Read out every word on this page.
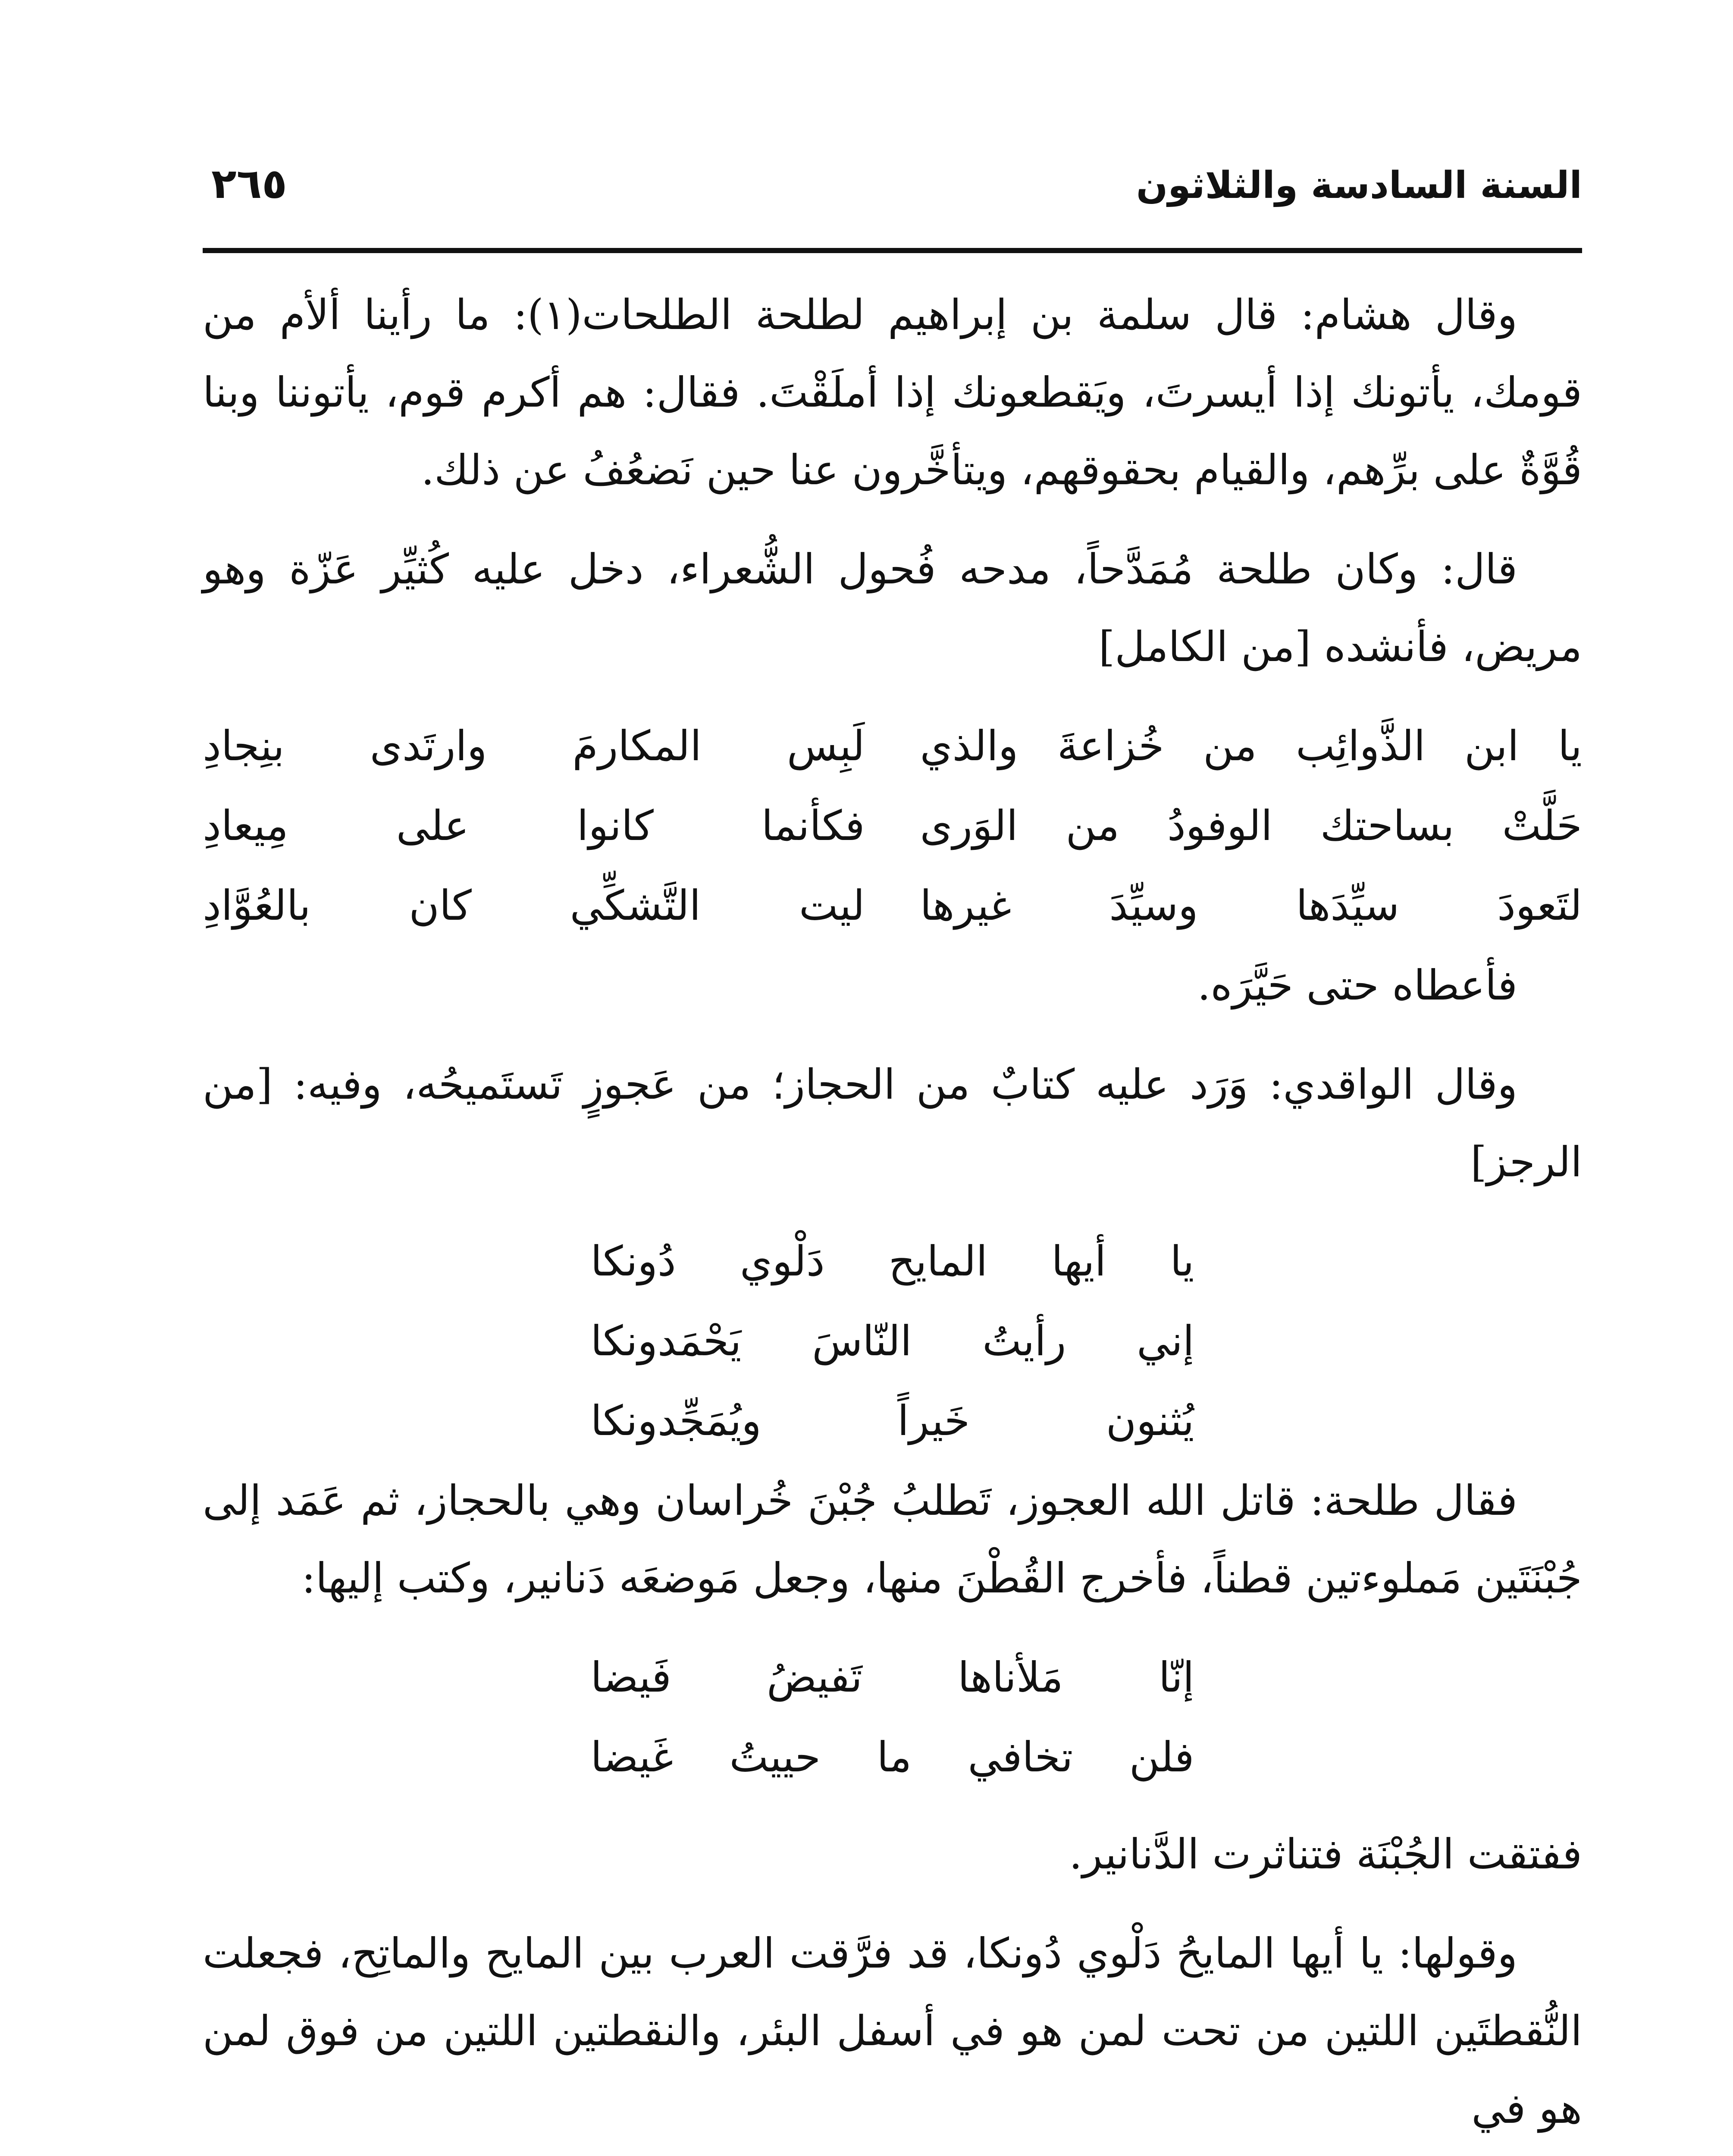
السنة السادسة والثلاثون
٢٦٥

وقال هشام: قال سلمة بن إبراهيم لطلحة الطلحات(١): ما رأينا ألأم من قومك، يأتونك إذا أيسرتَ، ويَقطعونك إذا أملَقْتَ. فقال: هم أكرم قوم، يأتوننا وبنا قُوَّةٌ على برِّهم، والقيام بحقوقهم، ويتأخَّرون عنا حين نَضعُفُ عن ذلك.

قال: وكان طلحة مُمَدَّحاً، مدحه فُحول الشُّعراء، دخل عليه كُثيِّر عَزّة وهو مريض، فأنشده [من الكامل]

يا ابن الذَّوائِب من خُزاعةَ والذي
لَبِس المكارمَ وارتَدى بنِجادِ
حَلَّتْ بساحتك الوفودُ من الوَرى
فكأنما كانوا على مِيعادِ
لتَعودَ سيِّدَها وسيِّدَ غيرها
ليت التَّشكِّي كان بالعُوَّادِ

فأعطاه حتى حَيَّرَه.

وقال الواقدي: وَرَد عليه كتابٌ من الحجاز؛ من عَجوزٍ تَستَميحُه، وفيه: [من الرجز]

يا أيها المايح دَلْوي دُونكا
إني رأيتُ النّاسَ يَحْمَدونكا
يُثنون خَيراً ويُمَجِّدونكا

فقال طلحة: قاتل الله العجوز، تَطلبُ جُبْنَ خُراسان وهي بالحجاز، ثم عَمَد إلى جُبْنَتَين مَملوءتين قطناً، فأخرج القُطْنَ منها، وجعل مَوضعَه دَنانير، وكتب إليها:

إنّا مَلأناها تَفيضُ فَيضا
فلن تخافي ما حييتُ غَيضا

ففتقت الجُبْنَة فتناثرت الدَّنانير.

وقولها: يا أيها المايحُ دَلْوي دُونكا، قد فرَّقت العرب بين المايح والماتِح، فجعلت النُّقطتَين اللتين من تحت لمن هو في أسفل البئر، والنقطتين اللتين من فوق لمن هو في
